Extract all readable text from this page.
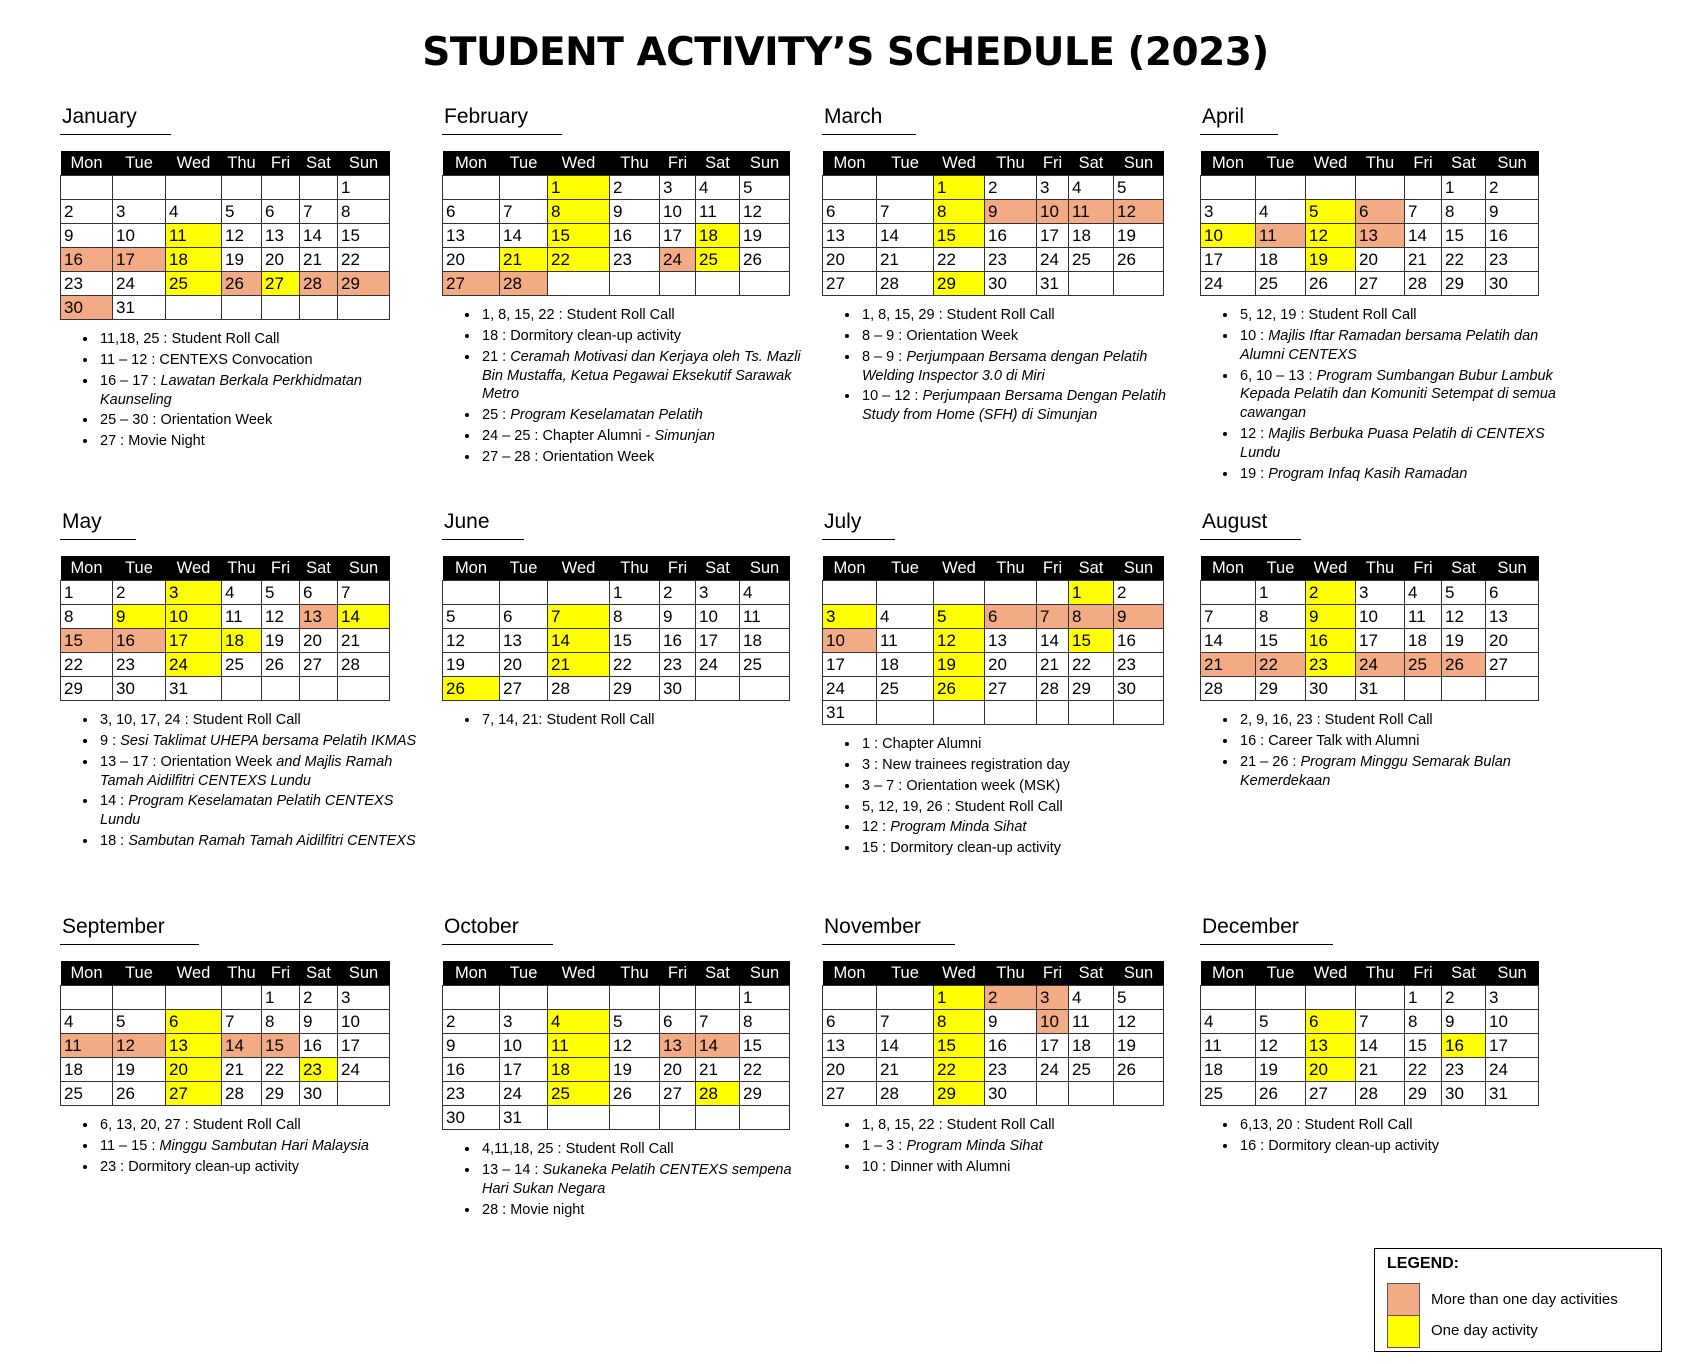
STUDENT ACTIVITY’S SCHEDULE (2023)
January
Mon	Tue	Wed	Thu	Fri	Sat	Sun
						1
2	3	4	5	6	7	8
9	10	11	12	13	14	15
16	17	18	19	20	21	22
23	24	25	26	27	28	29
30	31					
• 11,18, 25 : Student Roll Call
• 11 – 12 : CENTEXS Convocation
• 16 – 17 : Lawatan Berkala Perkhidmatan Kaunseling
• 25 – 30 : Orientation Week
• 27 : Movie Night
February
Mon	Tue	Wed	Thu	Fri	Sat	Sun
		1	2	3	4	5
6	7	8	9	10	11	12
13	14	15	16	17	18	19
20	21	22	23	24	25	26
27	28					
• 1, 8, 15, 22 : Student Roll Call
• 18 : Dormitory clean-up activity
• 21 : Ceramah Motivasi dan Kerjaya oleh Ts. Mazli Bin Mustaffa, Ketua Pegawai Eksekutif Sarawak Metro
• 25 : Program Keselamatan Pelatih
• 24 – 25 : Chapter Alumni - Simunjan
• 27 – 28 : Orientation Week
March
Mon	Tue	Wed	Thu	Fri	Sat	Sun
		1	2	3	4	5
6	7	8	9	10	11	12
13	14	15	16	17	18	19
20	21	22	23	24	25	26
27	28	29	30	31		
• 1, 8, 15, 29 : Student Roll Call
• 8 – 9 : Orientation Week
• 8 – 9 : Perjumpaan Bersama dengan Pelatih Welding Inspector 3.0 di Miri
• 10 – 12 : Perjumpaan Bersama Dengan Pelatih Study from Home (SFH) di Simunjan
April
Mon	Tue	Wed	Thu	Fri	Sat	Sun
					1	2
3	4	5	6	7	8	9
10	11	12	13	14	15	16
17	18	19	20	21	22	23
24	25	26	27	28	29	30
• 5, 12, 19 : Student Roll Call
• 10 : Majlis Iftar Ramadan bersama Pelatih dan Alumni CENTEXS
• 6, 10 – 13 : Program Sumbangan Bubur Lambuk Kepada Pelatih dan Komuniti Setempat di semua cawangan
• 12 : Majlis Berbuka Puasa Pelatih di CENTEXS Lundu
• 19 : Program Infaq Kasih Ramadan
May
Mon	Tue	Wed	Thu	Fri	Sat	Sun
1	2	3	4	5	6	7
8	9	10	11	12	13	14
15	16	17	18	19	20	21
22	23	24	25	26	27	28
29	30	31				
• 3, 10, 17, 24 : Student Roll Call
• 9 : Sesi Taklimat UHEPA bersama Pelatih IKMAS
• 13 – 17 : Orientation Week and Majlis Ramah Tamah Aidilfitri CENTEXS Lundu
• 14 : Program Keselamatan Pelatih CENTEXS Lundu
• 18 : Sambutan Ramah Tamah Aidilfitri CENTEXS
June
Mon	Tue	Wed	Thu	Fri	Sat	Sun
			1	2	3	4
5	6	7	8	9	10	11
12	13	14	15	16	17	18
19	20	21	22	23	24	25
26	27	28	29	30		
• 7, 14, 21: Student Roll Call
July
Mon	Tue	Wed	Thu	Fri	Sat	Sun
					1	2
3	4	5	6	7	8	9
10	11	12	13	14	15	16
17	18	19	20	21	22	23
24	25	26	27	28	29	30
31						
• 1 : Chapter Alumni
• 3 : New trainees registration day
• 3 – 7 : Orientation week (MSK)
• 5, 12, 19, 26 : Student Roll Call
• 12 : Program Minda Sihat
• 15 : Dormitory clean-up activity
August
Mon	Tue	Wed	Thu	Fri	Sat	Sun
	1	2	3	4	5	6
7	8	9	10	11	12	13
14	15	16	17	18	19	20
21	22	23	24	25	26	27
28	29	30	31			
• 2, 9, 16, 23 : Student Roll Call
• 16 : Career Talk with Alumni
• 21 – 26 : Program Minggu Semarak Bulan Kemerdekaan
September
Mon	Tue	Wed	Thu	Fri	Sat	Sun
				1	2	3
4	5	6	7	8	9	10
11	12	13	14	15	16	17
18	19	20	21	22	23	24
25	26	27	28	29	30	
• 6, 13, 20, 27 : Student Roll Call
• 11 – 15 : Minggu Sambutan Hari Malaysia
• 23 : Dormitory clean-up activity
October
Mon	Tue	Wed	Thu	Fri	Sat	Sun
						1
2	3	4	5	6	7	8
9	10	11	12	13	14	15
16	17	18	19	20	21	22
23	24	25	26	27	28	29
30	31					
• 4,11,18, 25 : Student Roll Call
• 13 – 14 : Sukaneka Pelatih CENTEXS sempena Hari Sukan Negara
• 28 : Movie night
November
Mon	Tue	Wed	Thu	Fri	Sat	Sun
		1	2	3	4	5
6	7	8	9	10	11	12
13	14	15	16	17	18	19
20	21	22	23	24	25	26
27	28	29	30			
• 1, 8, 15, 22 : Student Roll Call
• 1 – 3 : Program Minda Sihat
• 10 : Dinner with Alumni
December
Mon	Tue	Wed	Thu	Fri	Sat	Sun
				1	2	3
4	5	6	7	8	9	10
11	12	13	14	15	16	17
18	19	20	21	22	23	24
25	26	27	28	29	30	31
• 6,13, 20 : Student Roll Call
• 16 : Dormitory clean-up activity
LEGEND:
More than one day activities
One day activity
